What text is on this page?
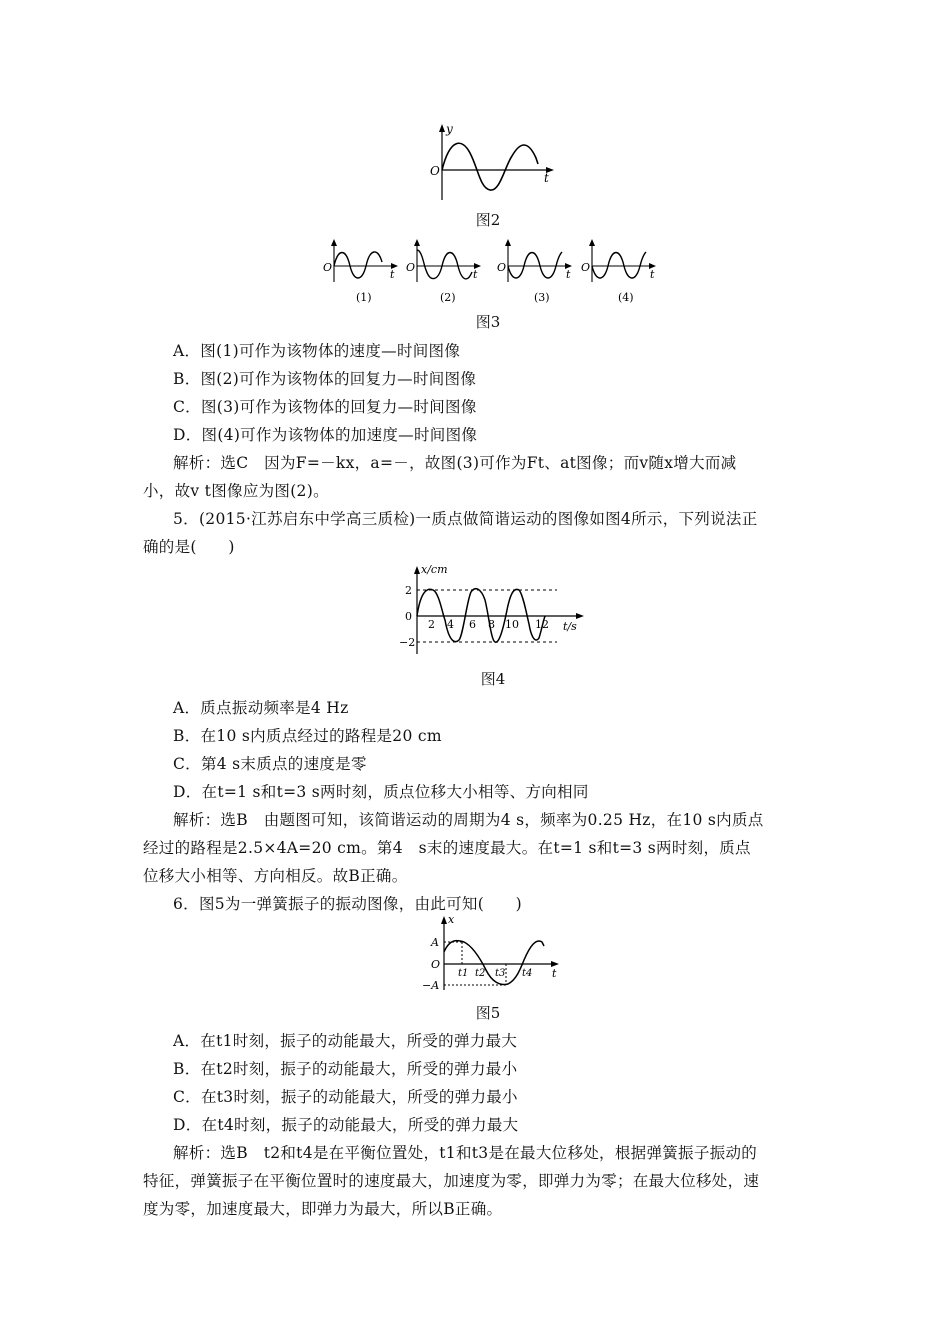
y
O	t
图2
O
t
(1)
O
t
(2)
O
t
(3)
O
t
(4)
图3
A．图(1)可作为该物体的速度—时间图像
B．图(2)可作为该物体的回复力—时间图像
C．图(3)可作为该物体的回复力—时间图像
D．图(4)可作为该物体的加速度—时间图像
解析：选C　因为F=－kx，a=－，故图(3)可作为Ft、at图像；而v随x增大而减
小，故v t图像应为图(2)。
5．(2015·江苏启东中学高三质检)一质点做简谐运动的图像如图4所示，下列说法正
确的是(　　)
x/cm
t/s
2
0
−2
2 4 6 8 10 12
图4
A．质点振动频率是4 Hz
B．在10 s内质点经过的路程是20 cm
C．第4 s末质点的速度是零
D．在t=1 s和t=3 s两时刻，质点位移大小相等、方向相同
解析：选B　由题图可知，该简谐运动的周期为4 s，频率为0.25 Hz，在10 s内质点
经过的路程是2.5×4A=20 cm。第4　s末的速度最大。在t=1 s和t=3 s两时刻，质点
位移大小相等、方向相反。故B正确。
6．图5为一弹簧振子的振动图像，由此可知(　　)
x
t
A
O
−A
t1 t2 t3 t4
图5
A．在t1时刻，振子的动能最大，所受的弹力最大
B．在t2时刻，振子的动能最大，所受的弹力最小
C．在t3时刻，振子的动能最大，所受的弹力最小
D．在t4时刻，振子的动能最大，所受的弹力最大
解析：选B　t2和t4是在平衡位置处，t1和t3是在最大位移处，根据弹簧振子振动的
特征，弹簧振子在平衡位置时的速度最大，加速度为零，即弹力为零；在最大位移处，速
度为零，加速度最大，即弹力为最大，所以B正确。
